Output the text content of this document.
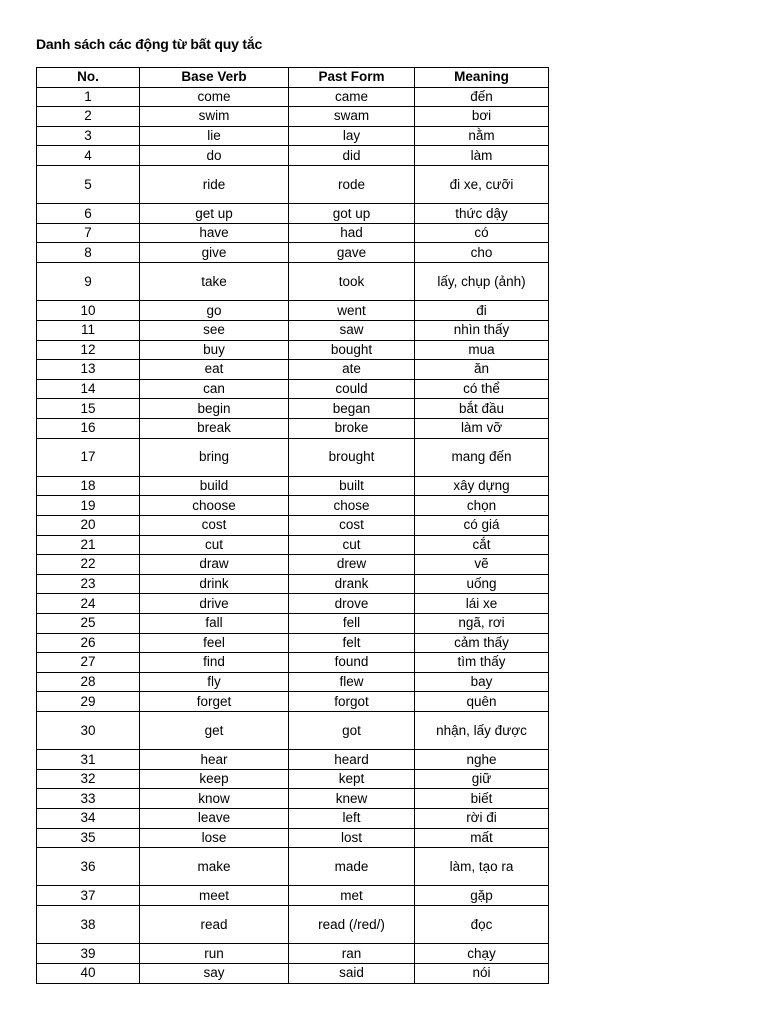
Danh sách các động từ bất quy tắc
No.	Base Verb	Past Form	Meaning
1	come	came	đến
2	swim	swam	bơi
3	lie	lay	nằm
4	do	did	làm
5	ride	rode	đi xe, cưỡi
6	get up	got up	thức dậy
7	have	had	có
8	give	gave	cho
9	take	took	lấy, chụp (ảnh)
10	go	went	đi
11	see	saw	nhìn thấy
12	buy	bought	mua
13	eat	ate	ăn
14	can	could	có thể
15	begin	began	bắt đầu
16	break	broke	làm vỡ
17	bring	brought	mang đến
18	build	built	xây dựng
19	choose	chose	chọn
20	cost	cost	có giá
21	cut	cut	cắt
22	draw	drew	vẽ
23	drink	drank	uống
24	drive	drove	lái xe
25	fall	fell	ngã, rơi
26	feel	felt	cảm thấy
27	find	found	tìm thấy
28	fly	flew	bay
29	forget	forgot	quên
30	get	got	nhận, lấy được
31	hear	heard	nghe
32	keep	kept	giữ
33	know	knew	biết
34	leave	left	rời đi
35	lose	lost	mất
36	make	made	làm, tạo ra
37	meet	met	gặp
38	read	read (/red/)	đọc
39	run	ran	chạy
40	say	said	nói
